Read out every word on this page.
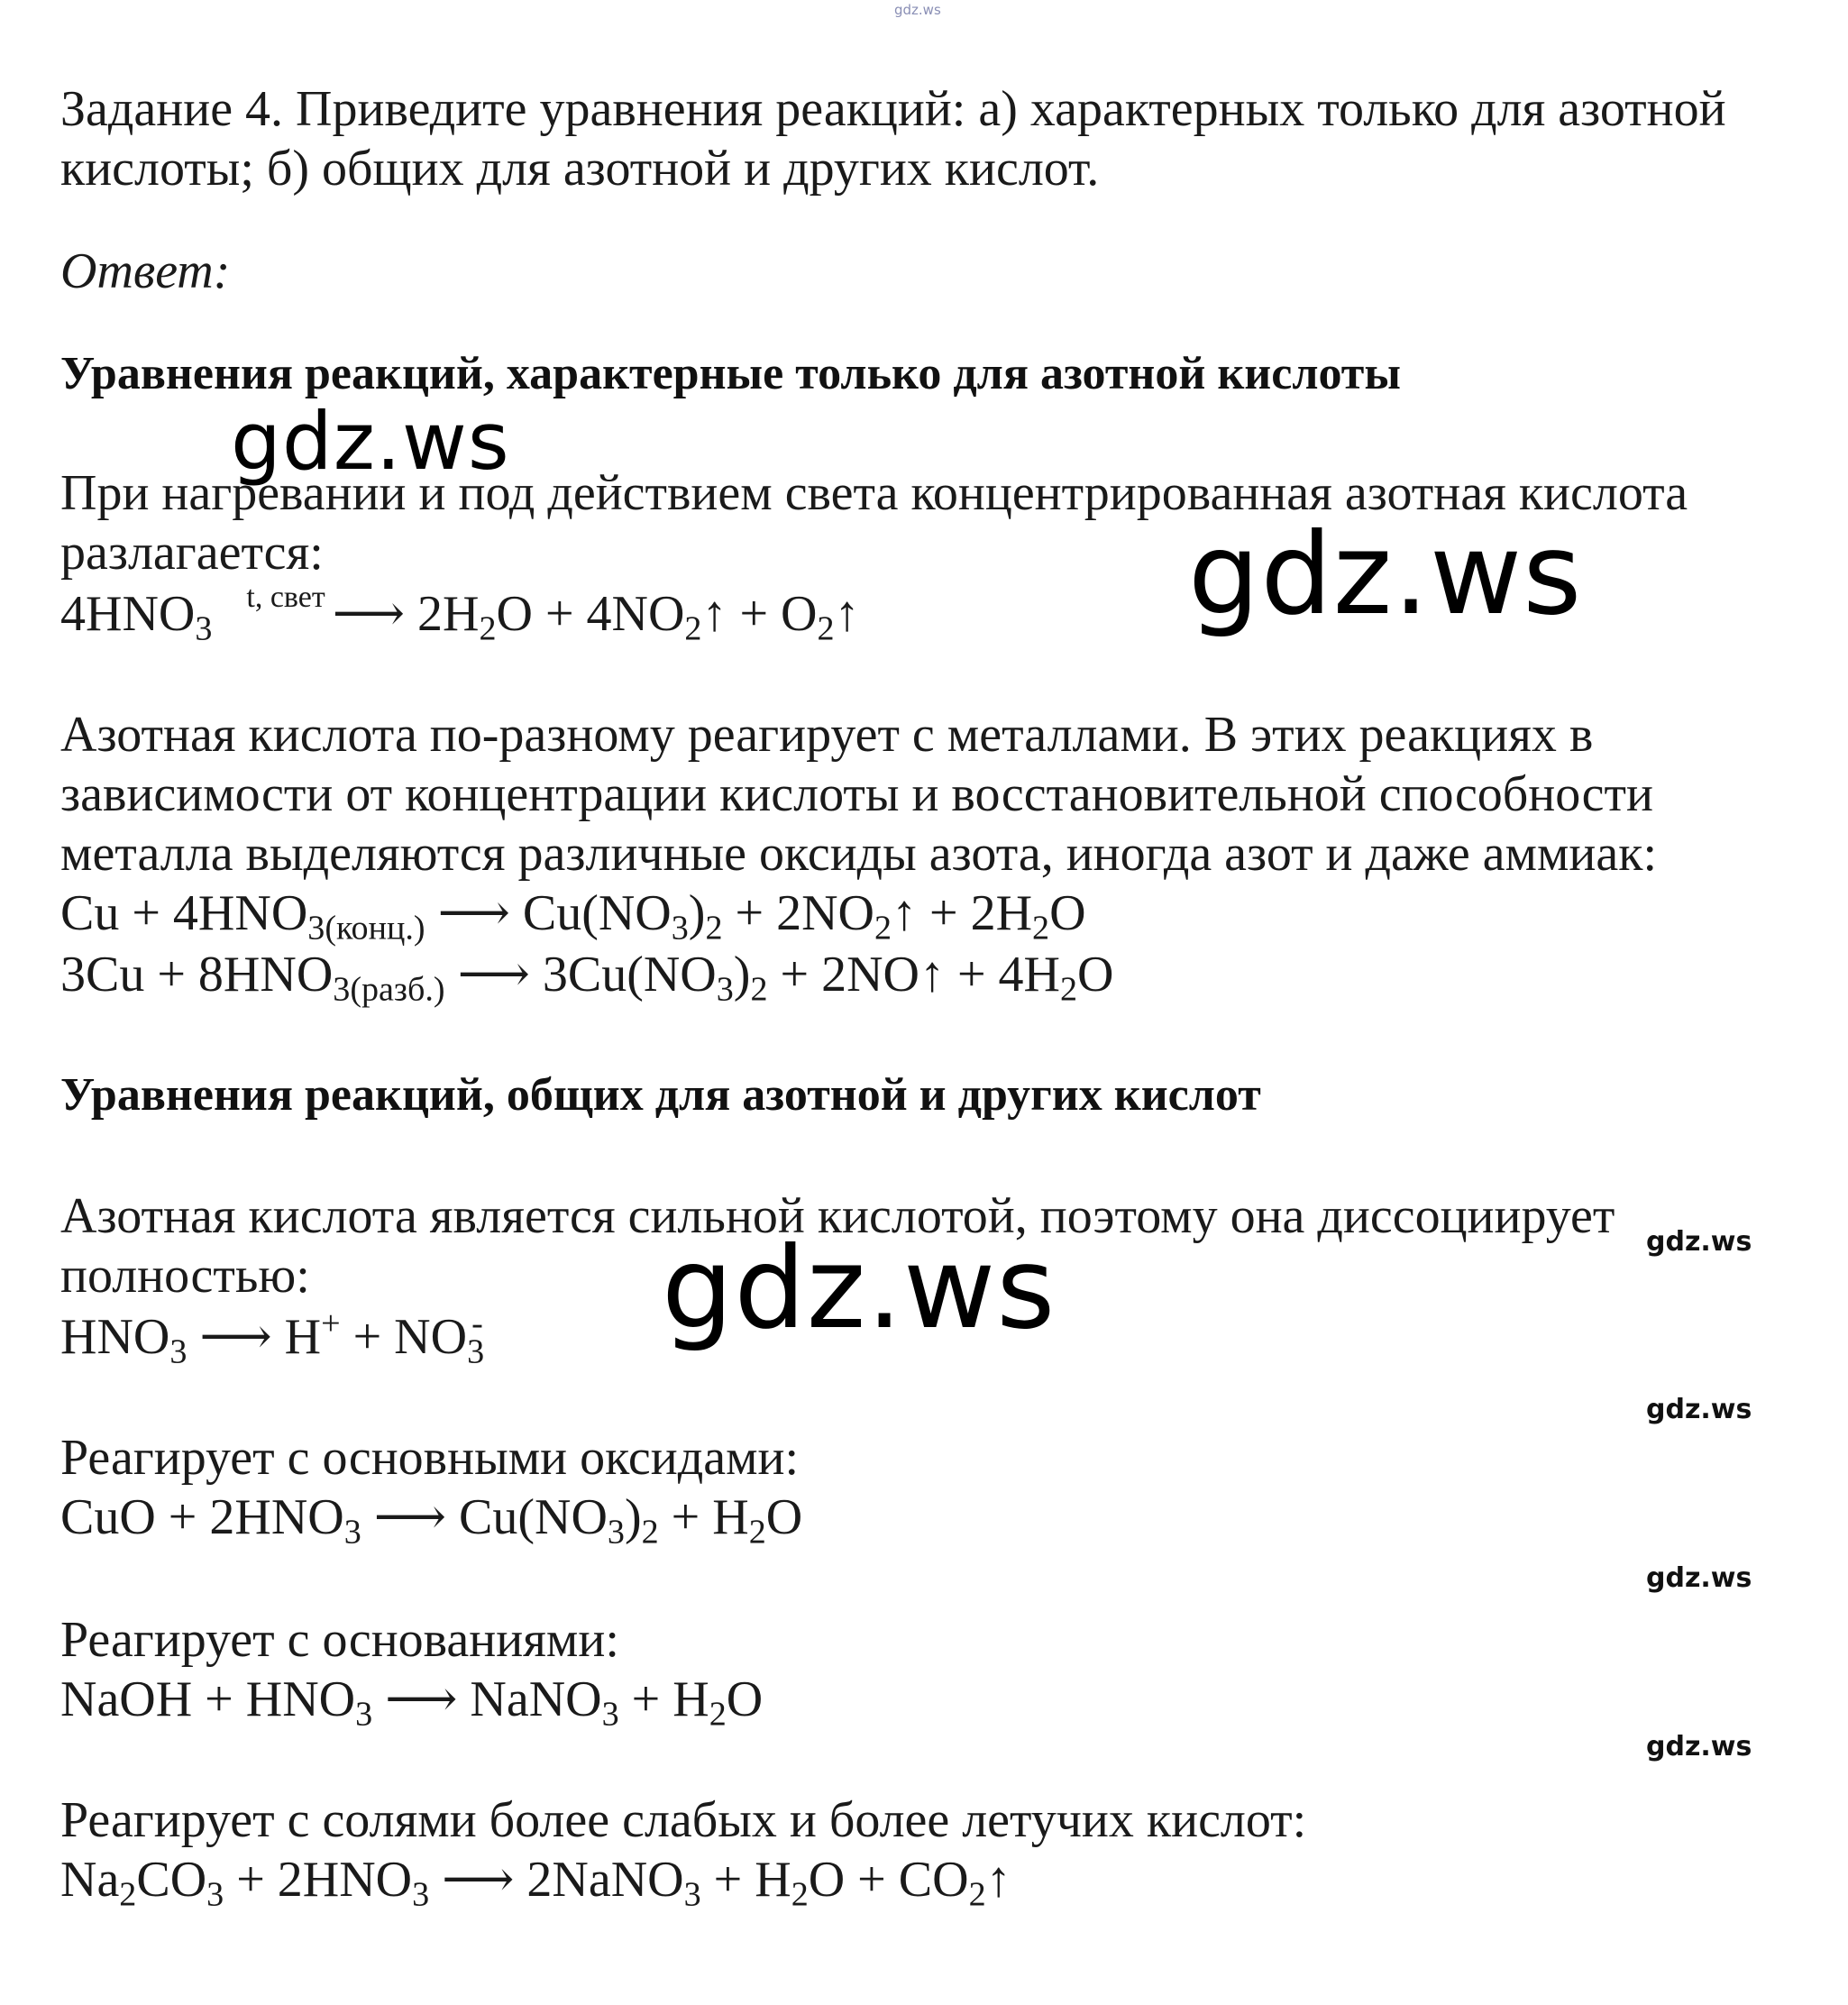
gdz.ws
Задание 4. Приведите уравнения реакций: а) характерных только для азотной
кислоты; б) общих для азотной и других кислот.
Ответ:
Уравнения реакций, характерные только для азотной кислоты
gdz.ws
При нагревании и под действием света концентрированная азотная кислота
разлагается:	gdz.ws
$4HNO_3^{t, свет}$ ⟶ $2H_2O$ + $4NO_2↑$ + $O_2↑$
Азотная кислота по-разному реагирует с металлами. В этих реакциях в
зависимости от концентрации кислоты и восстановительной способности
металла выделяются различные оксиды азота, иногда азот и даже аммиак:
$Cu + 4HNO_{3(конц.)}$ ⟶ $Cu(NO_3)_2$ + $2NO_2↑ + 2H_2O$
$3Cu + 8HNO_{3(разб.)}$ ⟶ $3Cu(NO_3)_2$ + 2NO↑ + $4H_2O$
Уравнения реакций, общих для азотной и других кислот
Азотная кислота является сильной кислотой, поэтому она диссоциирует gdz.ws
полностью:	gdz.ws
$HNO_3$ ⟶ $H^+ + NO_3^-$
gdz.ws
Реагирует с основными оксидами:
CuO + $2HNO_3$ ⟶ $Cu(NO_3)_2 + H_2O$
gdz.ws
Реагирует с основаниями:
NaOH + $HNO_3$ ⟶ NaNO$_3$ + $H_2O$
gdz.ws
Реагирует с солями более слабых и более летучих кислот:
$Na_2CO_3 + 2HNO_3$ ⟶ 2NaNO$_3$ + $H_2O$ + $CO_2↑$
